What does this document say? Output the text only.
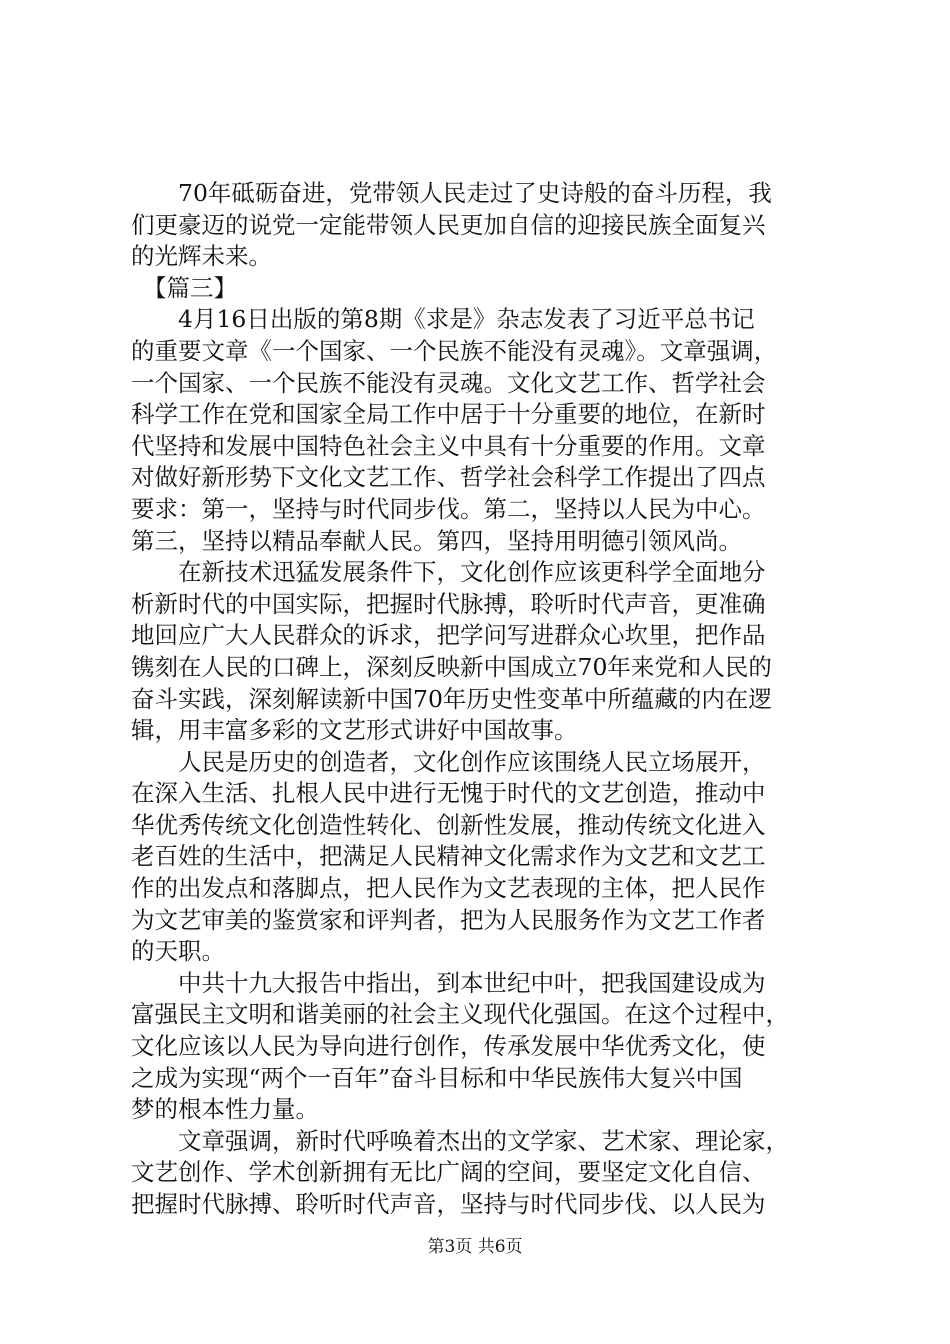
70年砥砺奋进，党带领人民走过了史诗般的奋斗历程，我
们更豪迈的说党一定能带领人民更加自信的迎接民族全面复兴
的光辉未来。
【篇三】
4月16日出版的第8期《求是》杂志发表了习近平总书记
的重要文章《一个国家、一个民族不能没有灵魂》。文章强调，
一个国家、一个民族不能没有灵魂。文化文艺工作、哲学社会
科学工作在党和国家全局工作中居于十分重要的地位，在新时
代坚持和发展中国特色社会主义中具有十分重要的作用。文章
对做好新形势下文化文艺工作、哲学社会科学工作提出了四点
要求：第一，坚持与时代同步伐。第二，坚持以人民为中心。
第三，坚持以精品奉献人民。第四，坚持用明德引领风尚。
在新技术迅猛发展条件下，文化创作应该更科学全面地分
析新时代的中国实际，把握时代脉搏，聆听时代声音，更准确
地回应广大人民群众的诉求，把学问写进群众心坎里，把作品
镌刻在人民的口碑上，深刻反映新中国成立70年来党和人民的
奋斗实践，深刻解读新中国70年历史性变革中所蕴藏的内在逻
辑，用丰富多彩的文艺形式讲好中国故事。
人民是历史的创造者，文化创作应该围绕人民立场展开，
在深入生活、扎根人民中进行无愧于时代的文艺创造，推动中
华优秀传统文化创造性转化、创新性发展，推动传统文化进入
老百姓的生活中，把满足人民精神文化需求作为文艺和文艺工
作的出发点和落脚点，把人民作为文艺表现的主体，把人民作
为文艺审美的鉴赏家和评判者，把为人民服务作为文艺工作者
的天职。
中共十九大报告中指出，到本世纪中叶，把我国建设成为
富强民主文明和谐美丽的社会主义现代化强国。在这个过程中，
文化应该以人民为导向进行创作，传承发展中华优秀文化，使
之成为实现“两个一百年”奋斗目标和中华民族伟大复兴中国
梦的根本性力量。
文章强调，新时代呼唤着杰出的文学家、艺术家、理论家，
文艺创作、学术创新拥有无比广阔的空间，要坚定文化自信、
把握时代脉搏、聆听时代声音，坚持与时代同步伐、以人民为
第3页 共6页
